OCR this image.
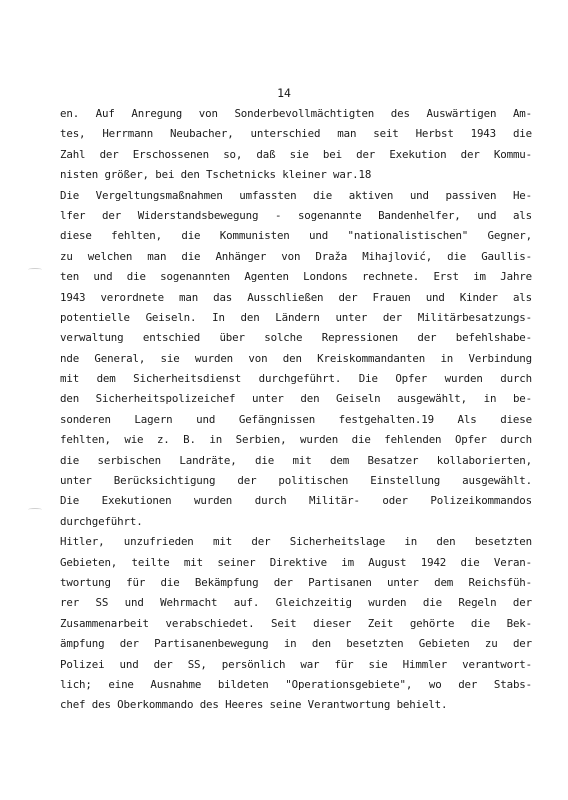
14
en. Auf Anregung von Sonderbevollmächtigten des Auswärtigen Am-
tes, Herrmann Neubacher, unterschied man seit Herbst 1943 die
Zahl der Erschossenen so, daß sie bei der Exekution der Kommu-
nisten größer, bei den Tschetnicks kleiner war.18
Die Vergeltungsmaßnahmen umfassten die aktiven und passiven He-
lfer der Widerstandsbewegung - sogenannte Bandenhelfer, und als
diese fehlten, die Kommunisten und "nationalistischen" Gegner,
zu welchen man die Anhänger von Draža Mihajlović, die Gaullis-
ten und die sogenannten Agenten Londons rechnete. Erst im Jahre
1943 verordnete man das Ausschließen der Frauen und Kinder als
potentielle Geiseln. In den Ländern unter der Militärbesatzungs-
verwaltung entschied über solche Repressionen der befehlshabe-
nde General, sie wurden von den Kreiskommandanten in Verbindung
mit dem Sicherheitsdienst durchgeführt. Die Opfer wurden durch
den Sicherheitspolizeichef unter den Geiseln ausgewählt, in be-
sonderen Lagern und Gefängnissen festgehalten.19 Als diese
fehlten, wie z. B. in Serbien, wurden die fehlenden Opfer durch
die serbischen Landräte, die mit dem Besatzer kollaborierten,
unter Berücksichtigung der politischen Einstellung ausgewählt.
Die Exekutionen wurden durch Militär- oder Polizeikommandos
durchgeführt.
Hitler, unzufrieden mit der Sicherheitslage in den besetzten
Gebieten, teilte mit seiner Direktive im August 1942 die Veran-
twortung für die Bekämpfung der Partisanen unter dem Reichsfüh-
rer SS und Wehrmacht auf. Gleichzeitig wurden die Regeln der
Zusammenarbeit verabschiedet. Seit dieser Zeit gehörte die Bek-
ämpfung der Partisanenbewegung in den besetzten Gebieten zu der
Polizei und der SS, persönlich war für sie Himmler verantwort-
lich; eine Ausnahme bildeten "Operationsgebiete", wo der Stabs-
chef des Oberkommando des Heeres seine Verantwortung behielt.
